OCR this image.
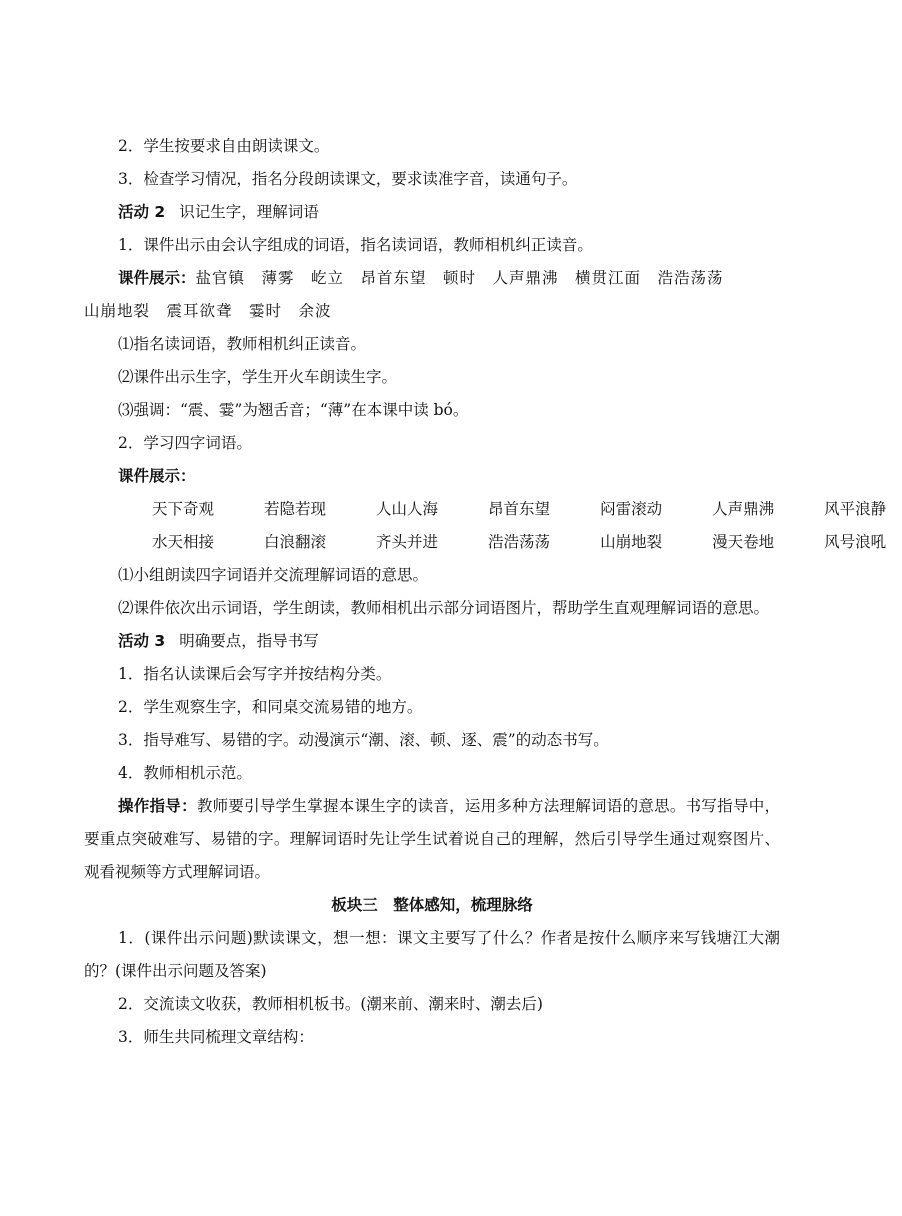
2．学生按要求自由朗读课文。
3．检查学习情况，指名分段朗读课文，要求读准字音，读通句子。
活动 2 识记生字，理解词语
1．课件出示由会认字组成的词语，指名读词语，教师相机纠正读音。
课件展示：盐官镇　薄雾　屹立　昂首东望　顿时　人声鼎沸　横贯江面　浩浩荡荡
山崩地裂　震耳欲聋　霎时　余波
⑴指名读词语，教师相机纠正读音。
⑵课件出示生字，学生开火车朗读生字。
⑶强调：“震、霎”为翘舌音；“薄”在本课中读 bó。
2．学习四字词语。
课件展示：
天下奇观	若隐若现	人山人海	昂首东望	闷雷滚动	人声鼎沸	风平浪静
水天相接	白浪翻滚	齐头并进	浩浩荡荡	山崩地裂	漫天卷地	风号浪吼
⑴小组朗读四字词语并交流理解词语的意思。
⑵课件依次出示词语，学生朗读，教师相机出示部分词语图片，帮助学生直观理解词语的意思。
活动 3 明确要点，指导书写
1．指名认读课后会写字并按结构分类。
2．学生观察生字，和同桌交流易错的地方。
3．指导难写、易错的字。动漫演示“潮、滚、顿、逐、震”的动态书写。
4．教师相机示范。
操作指导：教师要引导学生掌握本课生字的读音，运用多种方法理解词语的意思。书写指导中，要重点突破难写、易错的字。理解词语时先让学生试着说自己的理解，然后引导学生通过观察图片、观看视频等方式理解词语。
板块三　整体感知，梳理脉络
1．(课件出示问题)默读课文，想一想：课文主要写了什么？作者是按什么顺序来写钱塘江大潮的？(课件出示问题及答案)
2．交流读文收获，教师相机板书。(潮来前、潮来时、潮去后)
3．师生共同梳理文章结构：
